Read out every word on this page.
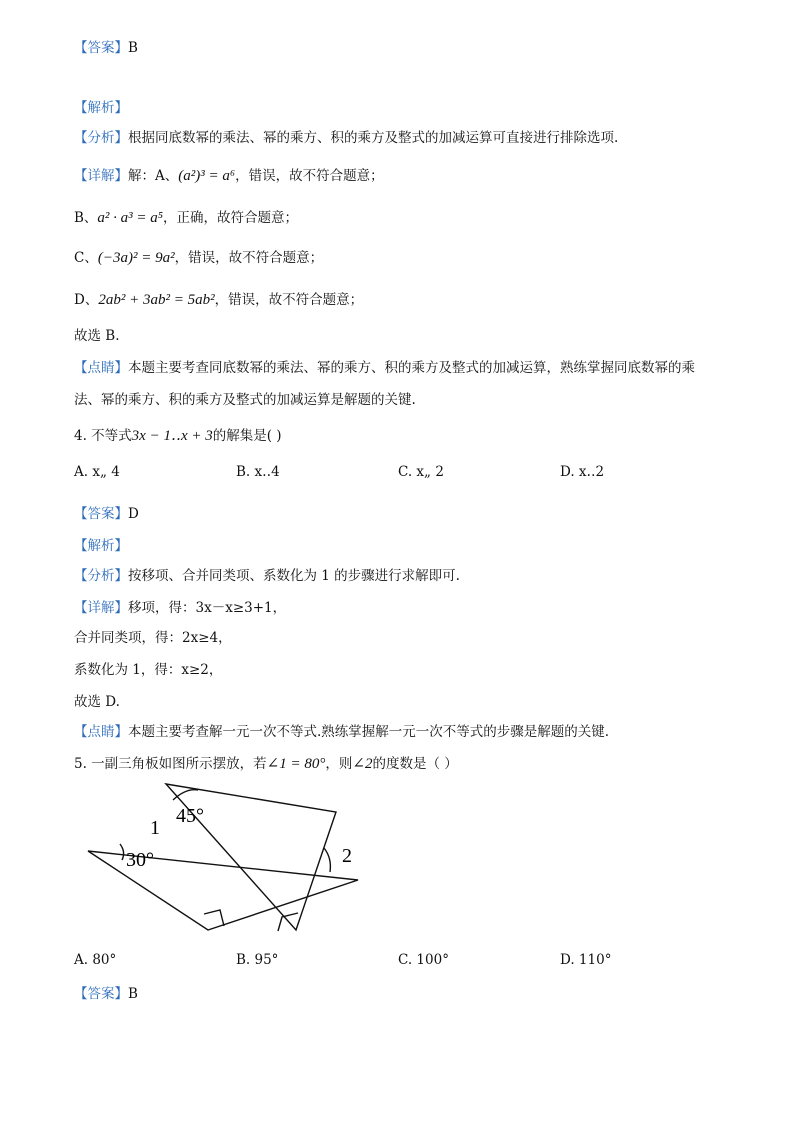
【答案】B
【解析】
【分析】根据同底数幂的乘法、幂的乘方、积的乘方及整式的加减运算可直接进行排除选项.
【详解】解：A、(a²)³ = a⁶，错误，故不符合题意；
B、a² · a³ = a⁵，正确，故符合题意；
C、(−3a)² = 9a²，错误，故不符合题意；
D、2ab² + 3ab² = 5ab²，错误，故不符合题意；
故选 B.
【点睛】本题主要考查同底数幂的乘法、幂的乘方、积的乘方及整式的加减运算，熟练掌握同底数幂的乘
法、幂的乘方、积的乘方及整式的加减运算是解题的关键.
4. 不等式3x − 1‥x + 3的解集是( )
A. x„ 4	B. x‥4	C. x„ 2	D. x‥2
【答案】D
【解析】
【分析】按移项、合并同类项、系数化为 1 的步骤进行求解即可.
【详解】移项，得：3x－x≥3+1，
合并同类项，得：2x≥4，
系数化为 1，得：x≥2，
故选 D.
【点睛】本题主要考查解一元一次不等式.熟练掌握解一元一次不等式的步骤是解题的关键.
5. 一副三角板如图所示摆放，若∠1 = 80°，则∠2的度数是（ ）
45°
1
30°	2
A. 80°	B. 95°	C. 100°	D. 110°
【答案】B
